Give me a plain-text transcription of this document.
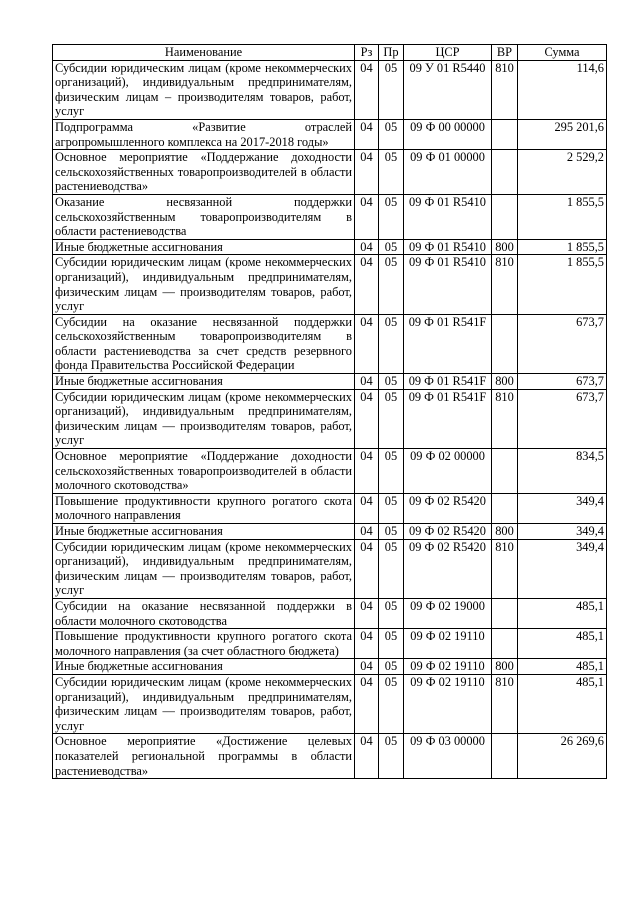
Наименование	Рз	Пр	ЦСР	ВР	Сумма
Субсидии юридическим лицам (кроме некоммерческих организаций), индивидуальным предпринимателям, физическим лицам – производителям товаров, работ, услуг	04	05	09 У 01 R5440	810	114,6
Подпрограмма «Развитие отраслей агропромышленного комплекса на 2017-2018 годы»	04	05	09 Ф 00 00000		295 201,6
Основное мероприятие «Поддержание доходности сельскохозяйственных товаропроизводителей в области растениеводства»	04	05	09 Ф 01 00000		2 529,2
Оказание несвязанной поддержки сельскохозяйственным товаропроизводителям в области растениеводства	04	05	09 Ф 01 R5410		1 855,5
Иные бюджетные ассигнования	04	05	09 Ф 01 R5410	800	1 855,5
Субсидии юридическим лицам (кроме некоммерческих организаций), индивидуальным предпринимателям, физическим лицам — производителям товаров, работ, услуг	04	05	09 Ф 01 R5410	810	1 855,5
Субсидии на оказание несвязанной поддержки сельскохозяйственным товаропроизводителям в области растениеводства за счет средств резервного фонда Правительства Российской Федерации	04	05	09 Ф 01 R541F		673,7
Иные бюджетные ассигнования	04	05	09 Ф 01 R541F	800	673,7
Субсидии юридическим лицам (кроме некоммерческих организаций), индивидуальным предпринимателям, физическим лицам — производителям товаров, работ, услуг	04	05	09 Ф 01 R541F	810	673,7
Основное мероприятие «Поддержание доходности сельскохозяйственных товаропроизводителей в области молочного скотоводства»	04	05	09 Ф 02 00000		834,5
Повышение продуктивности крупного рогатого скота молочного направления	04	05	09 Ф 02 R5420		349,4
Иные бюджетные ассигнования	04	05	09 Ф 02 R5420	800	349,4
Субсидии юридическим лицам (кроме некоммерческих организаций), индивидуальным предпринимателям, физическим лицам — производителям товаров, работ, услуг	04	05	09 Ф 02 R5420	810	349,4
Субсидии на оказание несвязанной поддержки в области молочного скотоводства	04	05	09 Ф 02 19000		485,1
Повышение продуктивности крупного рогатого скота молочного направления (за счет областного бюджета)	04	05	09 Ф 02 19110		485,1
Иные бюджетные ассигнования	04	05	09 Ф 02 19110	800	485,1
Субсидии юридическим лицам (кроме некоммерческих организаций), индивидуальным предпринимателям, физическим лицам — производителям товаров, работ, услуг	04	05	09 Ф 02 19110	810	485,1
Основное мероприятие «Достижение целевых показателей региональной программы в области растениеводства»	04	05	09 Ф 03 00000		26 269,6
